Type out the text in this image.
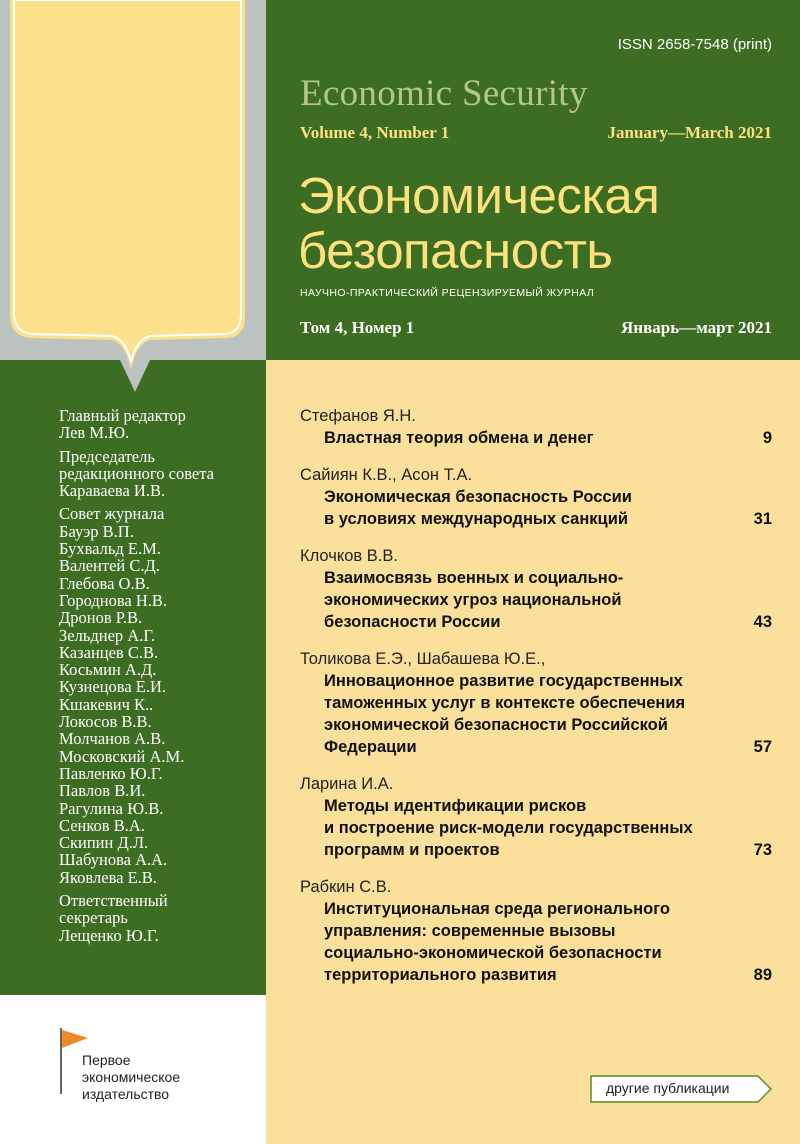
Главный редактор
Лев М.Ю.
Председатель
редакционного совета
Караваева И.В.
Совет журнала
Бауэр В.П.
Бухвальд Е.М.
Валентей С.Д.
Глебова О.В.
Городнова Н.В.
Дронов Р.В.
Зельднер А.Г.
Казанцев С.В.
Косьмин А.Д.
Кузнецова Е.И.
Кшакевич К..
Локосов В.В.
Молчанов А.В.
Московский А.М.
Павленко Ю.Г.
Павлов В.И.
Рагулина Ю.В.
Сенков В.А.
Скипин Д.Л.
Шабунова А.А.
Яковлева Е.В.
Ответственный
секретарь
Лещенко Ю.Г.
Первое
экономическое
издательство
ISSN 2658-7548 (print)
Economic Security
Volume 4, Number 1	January—March 2021
Экономическая
безопасность
НАУЧНО-ПРАКТИЧЕСКИЙ РЕЦЕНЗИРУЕМЫЙ ЖУРНАЛ
Том 4, Номер 1	Январь—март 2021
Стефанов Я.Н.
Властная теория обмена и денег	9
Сайиян К.В., Асон Т.А.
Экономическая безопасность России
в условиях международных санкций	31
Клочков В.В.
Взаимосвязь военных и социально-
экономических угроз национальной
безопасности России	43
Толикова Е.Э., Шабашева Ю.Е.,
Инновационное развитие государственных
таможенных услуг в контексте обеспечения
экономической безопасности Российской
Федерации	57
Ларина И.А.
Методы идентификации рисков
и построение риск-модели государственных
программ и проектов	73
Рабкин С.В.
Институциональная среда регионального
управления: современные вызовы
социально-экономической безопасности
территориального развития	89
другие публикации
